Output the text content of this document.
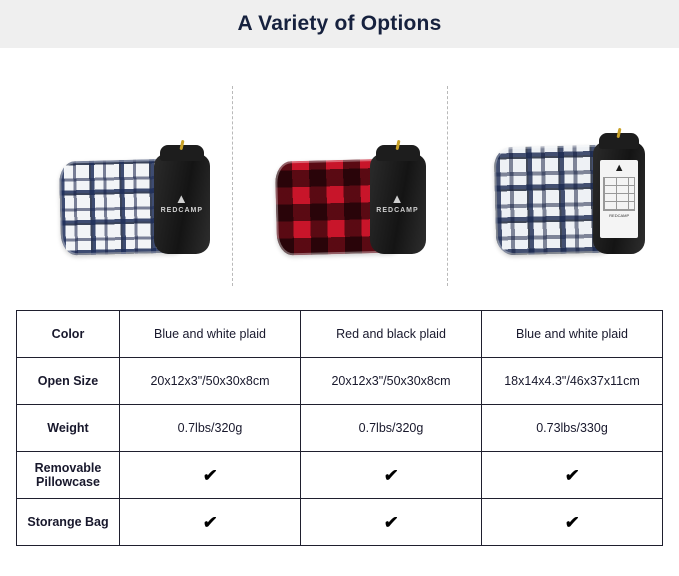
A Variety of Options
▲
REDCAMP
▲
REDCAMP
▲
REDCAMP
Color	Blue and white plaid	Red and black plaid	Blue and white plaid
Open Size	20x12x3"/50x30x8cm	20x12x3"/50x30x8cm	18x14x4.3"/46x37x11cm
Weight	0.7lbs/320g	0.7lbs/320g	0.73lbs/330g
Removable Pillowcase	✔	✔	✔
Storange Bag	✔	✔	✔
